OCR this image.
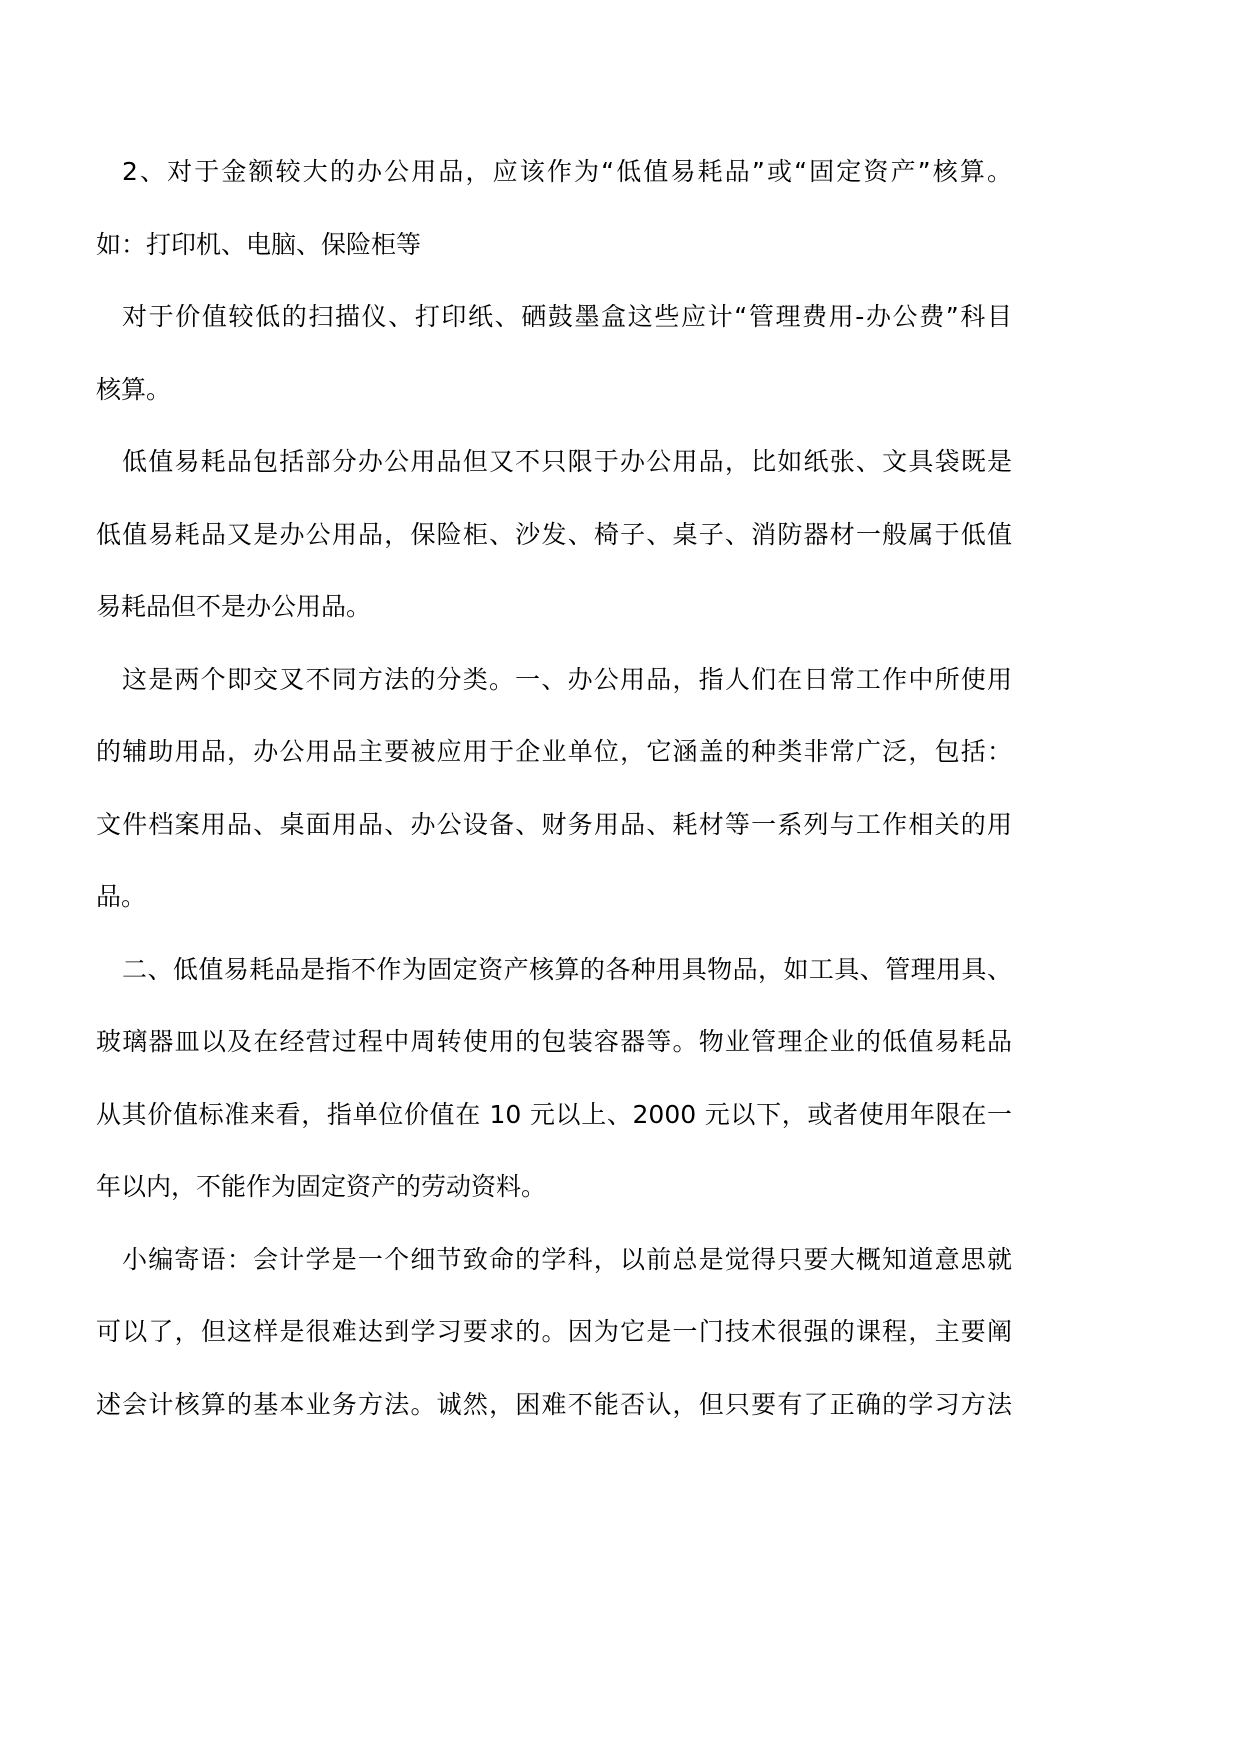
2、对于金额较大的办公用品，应该作为“低值易耗品”或“固定资产”核算。
如：打印机、电脑、保险柜等
对于价值较低的扫描仪、打印纸、硒鼓墨盒这些应计“管理费用-办公费”科目
核算。
低值易耗品包括部分办公用品但又不只限于办公用品，比如纸张、文具袋既是
低值易耗品又是办公用品，保险柜、沙发、椅子、桌子、消防器材一般属于低值
易耗品但不是办公用品。
这是两个即交叉不同方法的分类。一、办公用品，指人们在日常工作中所使用
的辅助用品，办公用品主要被应用于企业单位，它涵盖的种类非常广泛，包括：
文件档案用品、桌面用品、办公设备、财务用品、耗材等一系列与工作相关的用
品。
二、低值易耗品是指不作为固定资产核算的各种用具物品，如工具、管理用具、
玻璃器皿以及在经营过程中周转使用的包装容器等。物业管理企业的低值易耗品
从其价值标准来看，指单位价值在 10 元以上、2000 元以下，或者使用年限在一
年以内，不能作为固定资产的劳动资料。
小编寄语：会计学是一个细节致命的学科，以前总是觉得只要大概知道意思就
可以了，但这样是很难达到学习要求的。因为它是一门技术很强的课程，主要阐
述会计核算的基本业务方法。诚然，困难不能否认，但只要有了正确的学习方法
